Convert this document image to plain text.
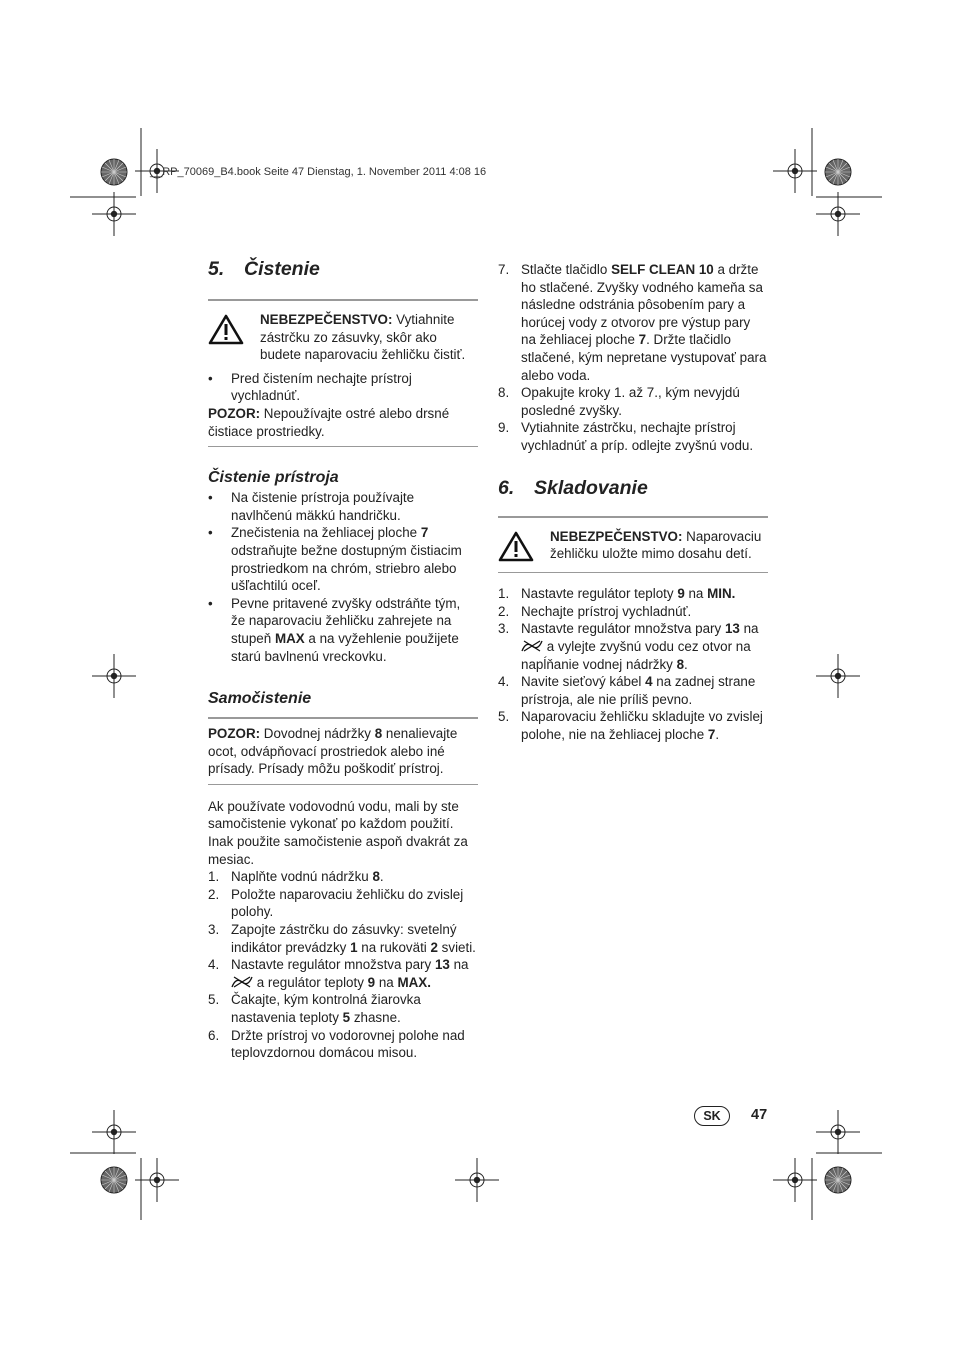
__RP_70069_B4.book Seite 47 Dienstag, 1. November 2011 4:08 16
5. Čistenie
NEBEZPEČENSTVO: Vytiahnite zástrčku zo zásuvky, skôr ako budete naparovaciu žehličku čistiť.
•	Pred čistením nechajte prístroj vychladnúť.

POZOR: Nepoužívajte ostré alebo drsné čistiace prostriedky.

Čistenie prístroja
•	Na čistenie prístroja používajte navlhčenú mäkkú handričku.
•	Znečistenia na žehliacej ploche 7 odstraňujte bežne dostupným čistiacim prostriedkom na chróm, striebro alebo ušľachtilú oceľ.
•	Pevne pritavené zvyšky odstráňte tým, že naparovaciu žehličku zahrejete na stupeň MAX a na vyžehlenie použijete starú bavlnenú vreckovku.
Samočistenie

POZOR: Dovodnej nádržky 8 nenalievajte ocot, odvápňovací prostriedok alebo iné prísady. Prísady môžu poškodiť prístroj.

Ak používate vodovodnú vodu, mali by ste samočistenie vykonať po každom použití. Inak použite samočistenie aspoň dvakrát za mesiac.

1. Naplňte vodnú nádržku 8.
2. Položte naparovaciu žehličku do zvislej polohy.
3. Zapojte zástrčku do zásuvky: svetelný indikátor prevádzky 1 na rukoväti 2 svieti.
4. Nastavte regulátor množstva pary 13 na  a regulátor teploty 9 na MAX.
5. Čakajte, kým kontrolná žiarovka nastavenia teploty 5 zhasne.
6. Držte prístroj vo vodorovnej polohe nad teplovzdornou domácou misou.
7. Stlačte tlačidlo SELF CLEAN 10 a držte ho stlačené. Zvyšky vodného kameňa sa následne odstránia pôsobením pary a horúcej vody z otvorov pre výstup pary na žehliacej ploche 7. Držte tlačidlo stlačené, kým nepretane vystupovať para alebo voda.
8. Opakujte kroky 1. až 7., kým nevyjdú posledné zvyšky.
9. Vytiahnite zástrčku, nechajte prístroj vychladnúť a príp. odlejte zvyšnú vodu.
6. Skladovanie
NEBEZPEČENSTVO: Naparovaciu žehličku uložte mimo dosahu detí.
1. Nastavte regulátor teploty 9 na MIN.
2. Nechajte prístroj vychladnúť.
3. Nastavte regulátor množstva pary 13 na  a vylejte zvyšnú vodu cez otvor na napĺňanie vodnej nádržky 8.
4. Navite sieťový kábel 4 na zadnej strane prístroja, ale nie príliš pevno.
5. Naparovaciu žehličku skladujte vo zvislej polohe, nie na žehliacej ploche 7.
SK	47
